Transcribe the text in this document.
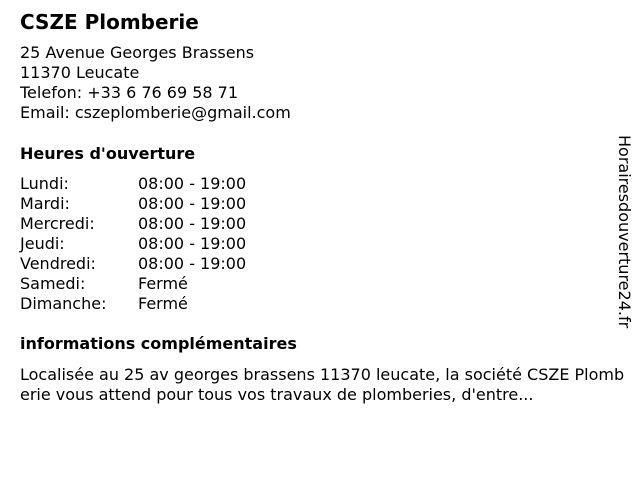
CSZE Plomberie
25 Avenue Georges Brassens
11370 Leucate
Telefon: +33 6 76 69 58 71
Email: cszeplomberie@gmail.com
Heures d'ouverture
Lundi:	08:00 - 19:00
Mardi:	08:00 - 19:00
Mercredi:	08:00 - 19:00
Jeudi:	08:00 - 19:00
Vendredi:	08:00 - 19:00
Samedi:	Fermé
Dimanche: Fermé
informations complémentaires
Localisée au 25 av georges brassens 11370 leucate, la société CSZE Plomberie vous attend pour tous vos travaux de plomberies, d'entre...
Horairesdouverture24.fr
